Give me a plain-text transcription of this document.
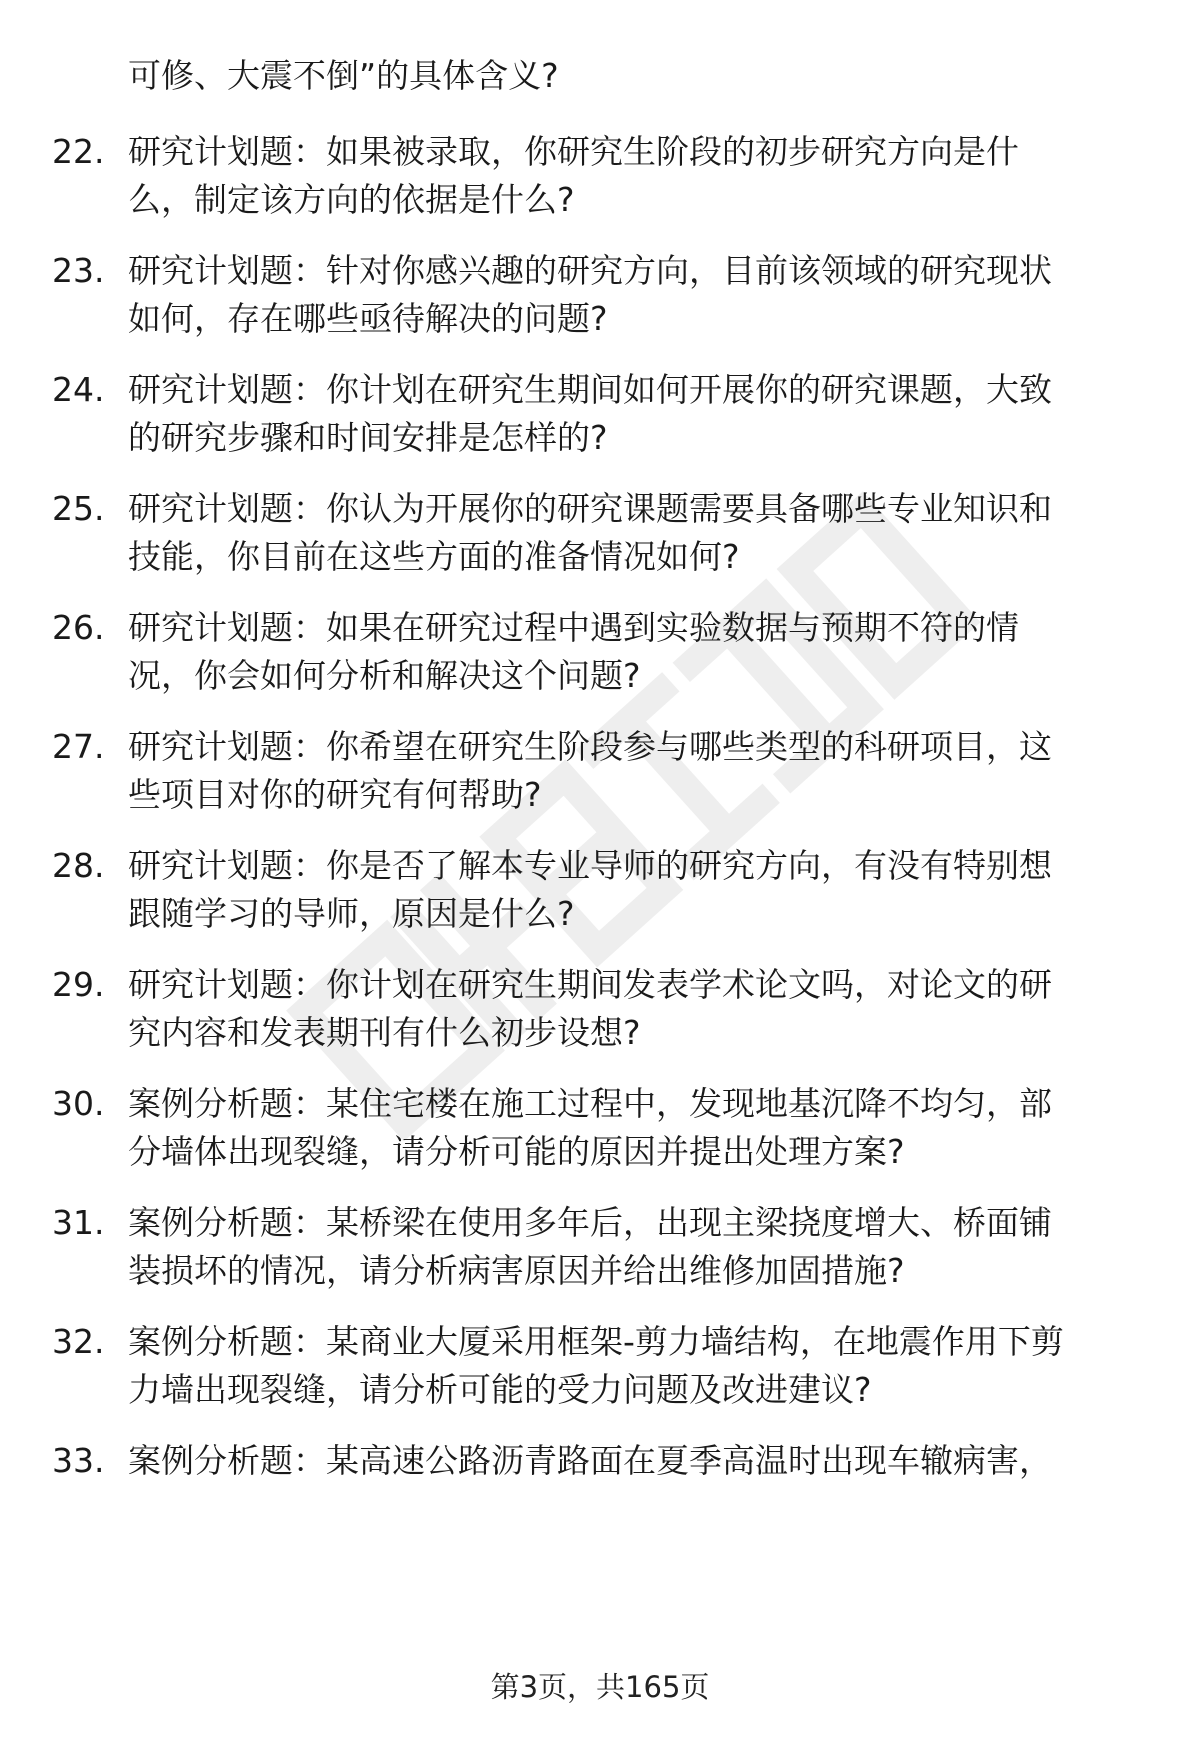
可修、大震不倒”的具体含义?
22. 研究计划题：如果被录取，你研究生阶段的初步研究方向是什
么，制定该方向的依据是什么?
23. 研究计划题：针对你感兴趣的研究方向，目前该领域的研究现状
如何，存在哪些亟待解决的问题?
24. 研究计划题：你计划在研究生期间如何开展你的研究课题，大致
的研究步骤和时间安排是怎样的?
25. 研究计划题：你认为开展你的研究课题需要具备哪些专业知识和
技能，你目前在这些方面的准备情况如何?
26. 研究计划题：如果在研究过程中遇到实验数据与预期不符的情
况，你会如何分析和解决这个问题?
27. 研究计划题：你希望在研究生阶段参与哪些类型的科研项目，这
些项目对你的研究有何帮助?
28. 研究计划题：你是否了解本专业导师的研究方向，有没有特别想
跟随学习的导师，原因是什么?
29. 研究计划题：你计划在研究生期间发表学术论文吗，对论文的研
究内容和发表期刊有什么初步设想?
30. 案例分析题：某住宅楼在施工过程中，发现地基沉降不均匀，部
分墙体出现裂缝，请分析可能的原因并提出处理方案?
31. 案例分析题：某桥梁在使用多年后，出现主梁挠度增大、桥面铺
装损坏的情况，请分析病害原因并给出维修加固措施?
32. 案例分析题：某商业大厦采用框架-剪力墙结构，在地震作用下剪
力墙出现裂缝，请分析可能的受力问题及改进建议?
33. 案例分析题：某高速公路沥青路面在夏季高温时出现车辙病害，
第3页，共165页
